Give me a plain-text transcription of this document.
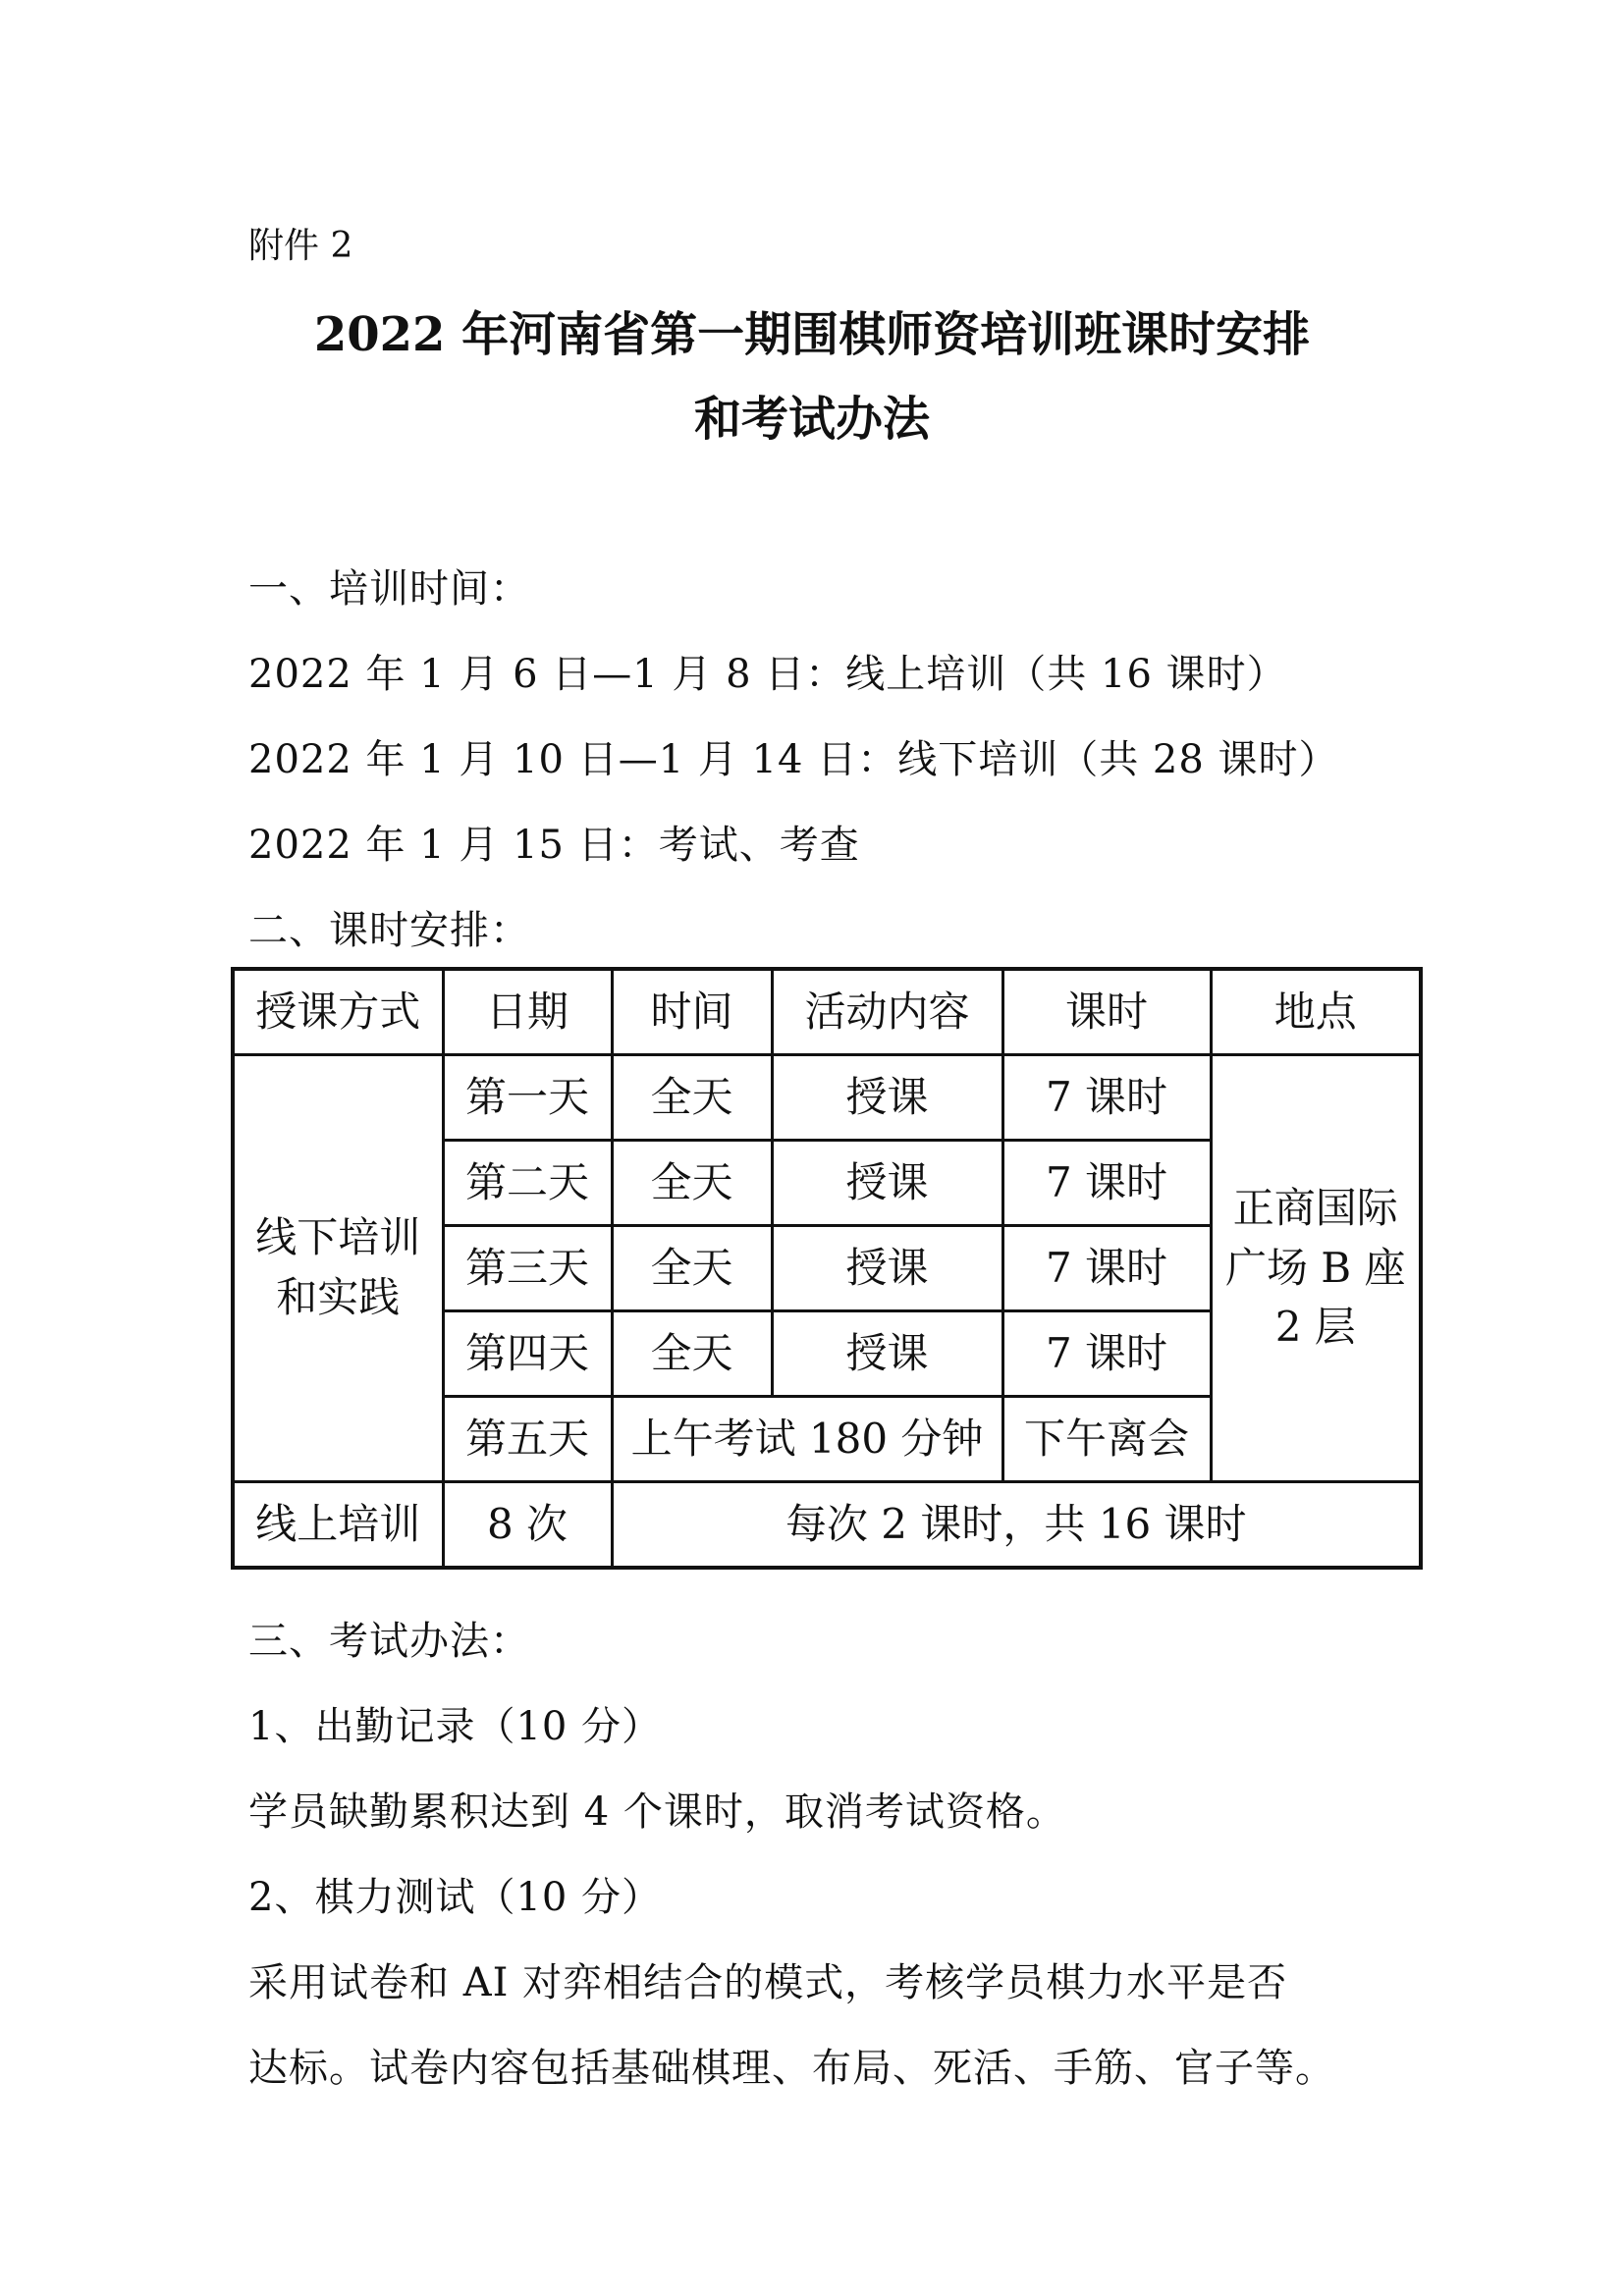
附件 2
2022 年河南省第一期围棋师资培训班课时安排
和考试办法
一、培训时间：
2022 年 1 月 6 日—1 月 8 日：线上培训（共 16 课时）
2022 年 1 月 10 日—1 月 14 日：线下培训（共 28 课时）
2022 年 1 月 15 日：考试、考查
二、课时安排：
授课方式	日期	时间	活动内容	课时	地点
线下培训和实践	第一天	全天	授课	7 课时	正商国际广场 B 座 2 层
	第二天	全天	授课	7 课时	
	第三天	全天	授课	7 课时	
	第四天	全天	授课	7 课时	
	第五天	上午考试 180 分钟		下午离会	
线上培训	8 次	每次 2 课时，共 16 课时			
三、考试办法：
1、出勤记录（10 分）
学员缺勤累积达到 4 个课时，取消考试资格。
2、棋力测试（10 分）
采用试卷和 AI 对弈相结合的模式，考核学员棋力水平是否
达标。试卷内容包括基础棋理、布局、死活、手筋、官子等。
